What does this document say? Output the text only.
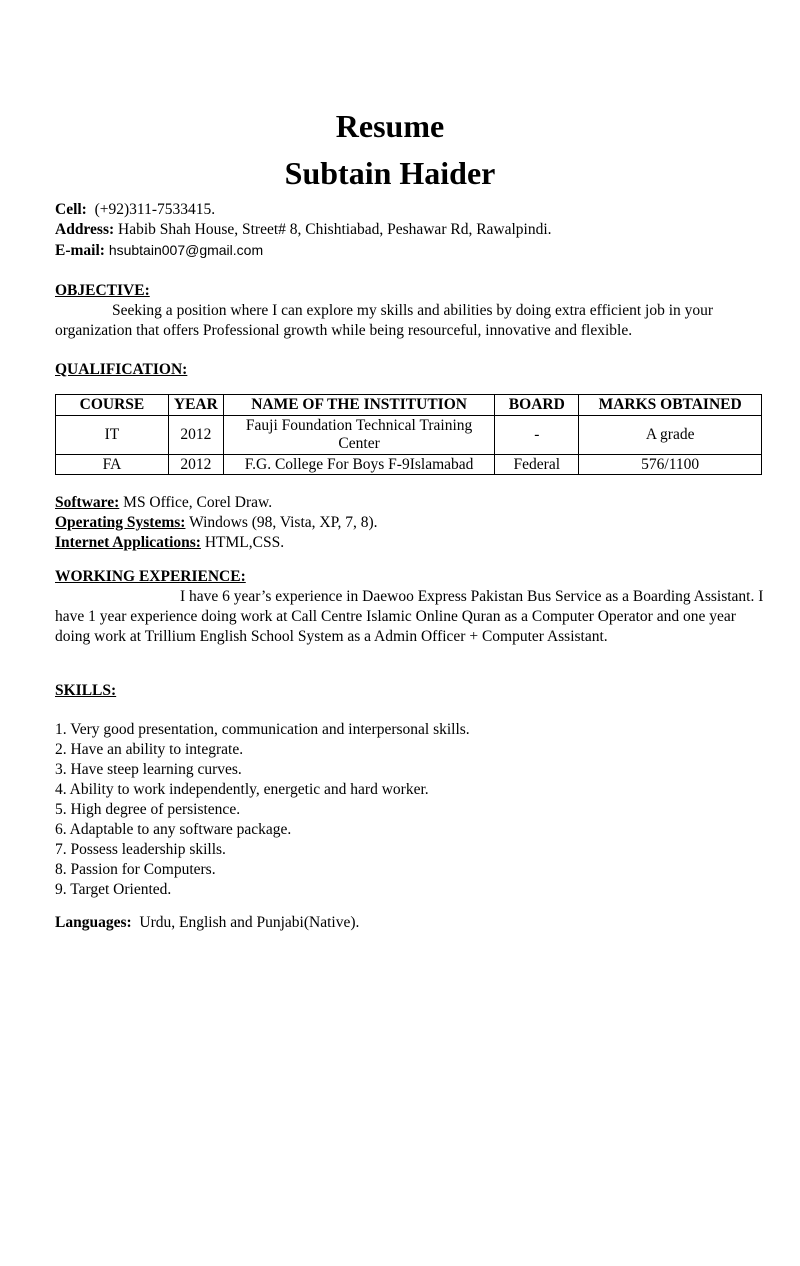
Resume
Subtain Haider
Cell: (+92)311-7533415.
Address: Habib Shah House, Street# 8, Chishtiabad, Peshawar Rd, Rawalpindi.
E-mail: hsubtain007@gmail.com
OBJECTIVE:
Seeking a position where I can explore my skills and abilities by doing extra efficient job in your organization that offers Professional growth while being resourceful, innovative and flexible.
QUALIFICATION:
COURSE	YEAR	NAME OF THE INSTITUTION	BOARD	MARKS OBTAINED
IT	2012	Fauji Foundation Technical Training Center	-	A grade
FA	2012	F.G. College For Boys F-9Islamabad	Federal	576/1100
Software: MS Office, Corel Draw.
Operating Systems: Windows (98, Vista, XP, 7, 8).
Internet Applications: HTML,CSS.
WORKING EXPERIENCE:
I have 6 year’s experience in Daewoo Express Pakistan Bus Service as a Boarding Assistant. I have 1 year experience doing work at Call Centre Islamic Online Quran as a Computer Operator and one year doing work at Trillium English School System as a Admin Officer + Computer Assistant.
SKILLS:
1. Very good presentation, communication and interpersonal skills.
2. Have an ability to integrate.
3. Have steep learning curves.
4. Ability to work independently, energetic and hard worker.
5. High degree of persistence.
6. Adaptable to any software package.
7. Possess leadership skills.
8. Passion for Computers.
9. Target Oriented.
Languages: Urdu, English and Punjabi(Native).
